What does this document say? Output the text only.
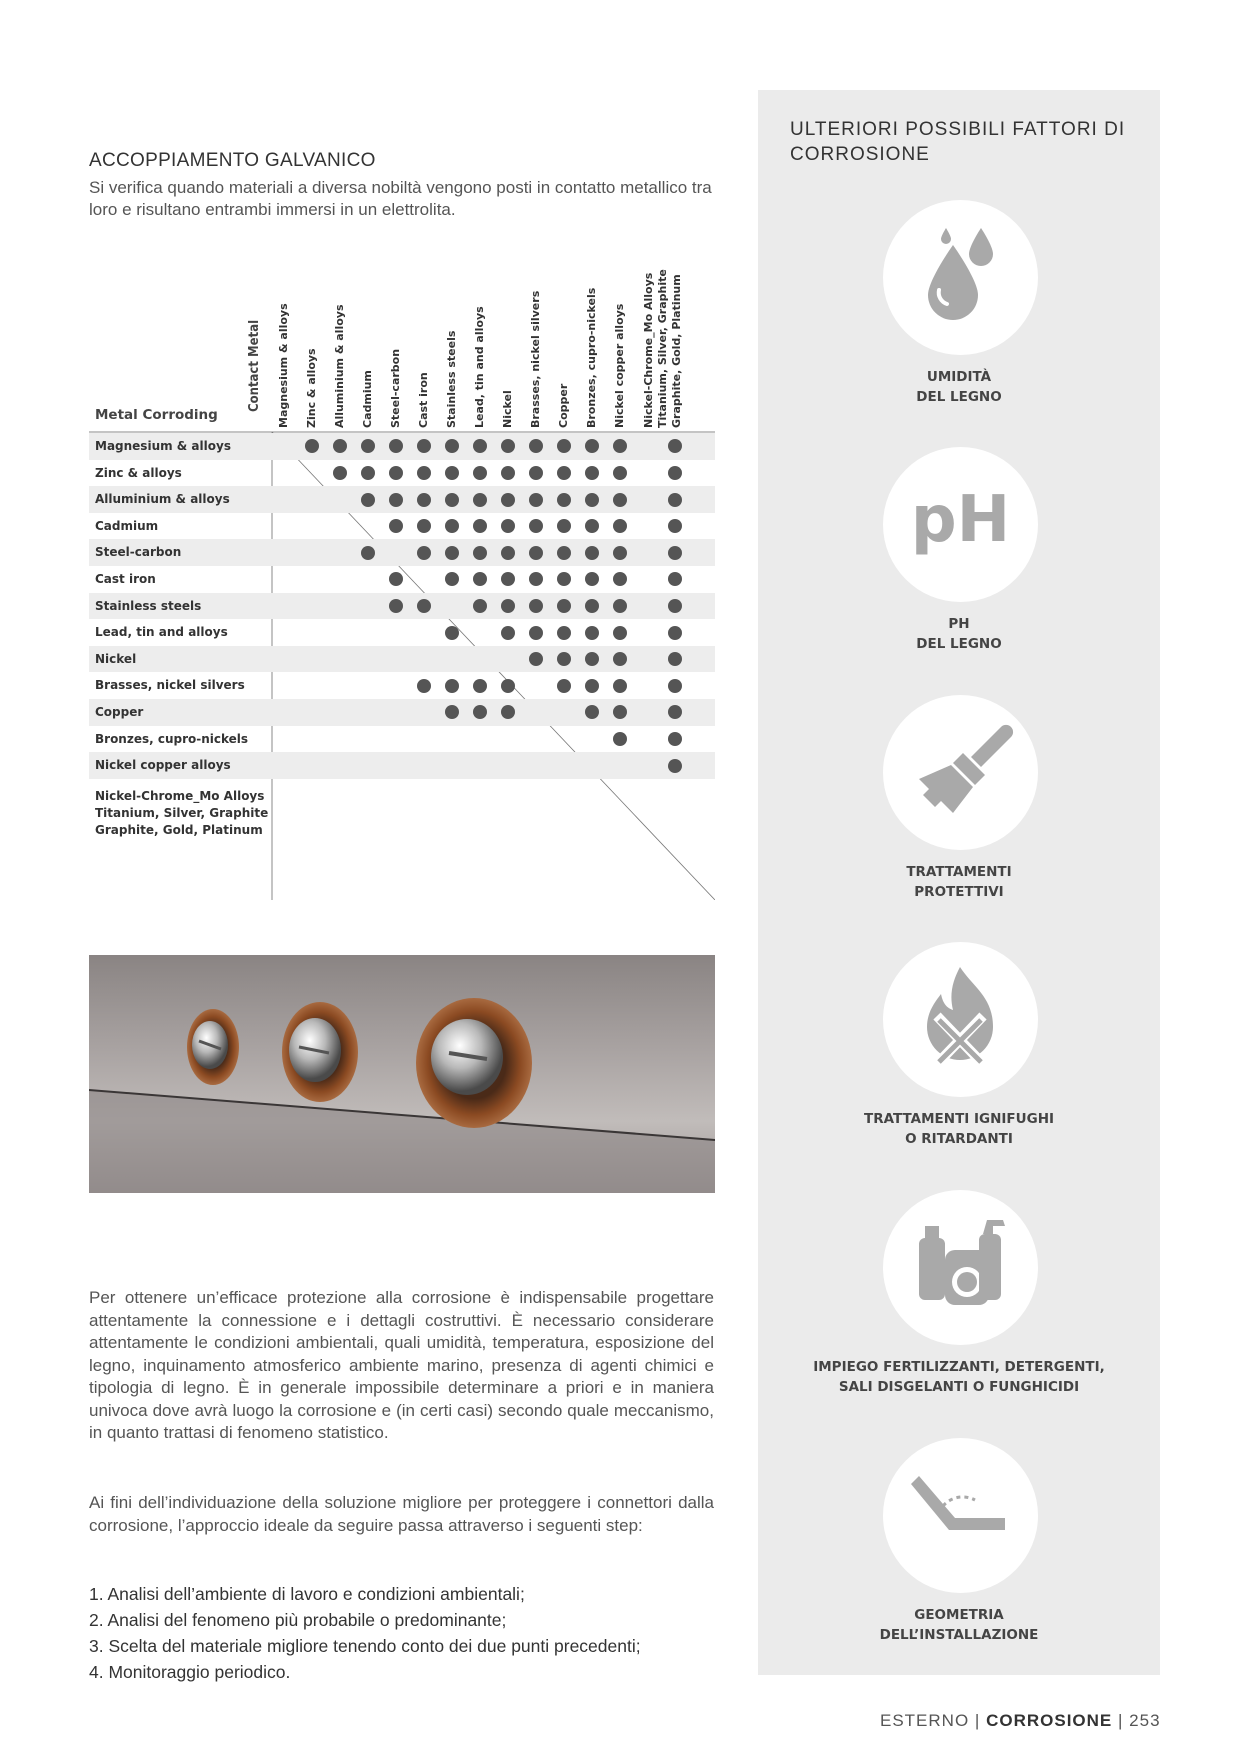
ACCOPPIAMENTO GALVANICO
Si verifica quando materiali a diversa nobiltà vengono posti in contatto metallico tra loro e risultano entrambi immersi in un elettrolita.
Contact Metal
Metal Corroding	Magnesium & alloys Zinc & alloys Alluminium & alloys Cadmium Steel-carbon Cast iron Stainless steels Lead, tin and alloys Nickel Brasses, nickel silvers Copper Bronzes, cupro-nickels Nickel copper alloys Nickel-Chrome_Mo Alloys Titanium, Silver, Graphite Graphite, Gold, Platinum
Magnesium & alloys
Zinc & alloys
Alluminium & alloys
Cadmium
Steel-carbon
Cast iron
Stainless steels
Lead, tin and alloys
Nickel
Brasses, nickel silvers
Copper
Bronzes, cupro-nickels
Nickel copper alloys
Nickel-Chrome_Mo Alloys
Titanium, Silver, Graphite
Graphite, Gold, Platinum
Per ottenere un’efficace protezione alla corrosione è indispensabile progettare attentamente la connessione e i dettagli costruttivi. È necessario considerare attentamente le condizioni ambientali, quali umidità, temperatura, esposizione del legno, inquinamento atmosferico ambiente marino, presenza di agenti chimici e tipologia di legno. È in generale impossibile determinare a priori e in maniera univoca dove avrà luogo la corrosione e (in certi casi) secondo quale meccanismo, in quanto trattasi di fenomeno statistico.
Ai fini dell’individuazione della soluzione migliore per proteggere i connettori dalla corrosione, l’approccio ideale da seguire passa attraverso i seguenti step:
1. Analisi dell’ambiente di lavoro e condizioni ambientali;
2. Analisi del fenomeno più probabile o predominante;
3. Scelta del materiale migliore tenendo conto dei due punti precedenti;
4. Monitoraggio periodico.
ULTERIORI POSSIBILI FATTORI DI CORROSIONE
UMIDITÀ
DEL LEGNO
pH
PH
DEL LEGNO
TRATTAMENTI
PROTETTIVI
TRATTAMENTI IGNIFUGHI
O RITARDANTI
IMPIEGO FERTILIZZANTI, DETERGENTI,
SALI DISGELANTI O FUNGHICIDI
GEOMETRIA
DELL’INSTALLAZIONE
ESTERNO | CORROSIONE | 253
